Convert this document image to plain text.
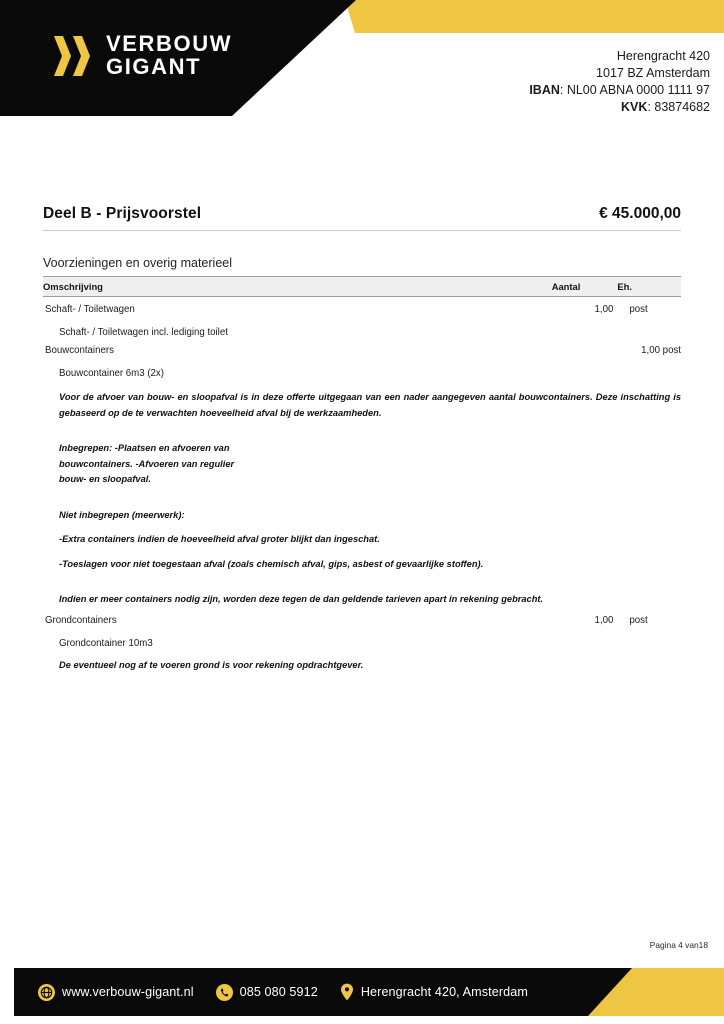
VERBOUW
GIGANT	Herengracht 420
1017 BZ Amsterdam
IBAN: NL00 ABNA 0000 1111 97
KVK: 83874682
Deel B - Prijsvoorstel	€ 45.000,00
Voorzieningen en overig materieel
Omschrijving	Aantal	Eh.
Schaft- / Toiletwagen	1,00	post
Schaft- / Toiletwagen incl. lediging toilet		
Bouwcontainers	1,00 post	
Bouwcontainer 6m3 (2x)		
Voor de afvoer van bouw- en sloopafval is in deze offerte uitgegaan van een nader aangegeven aantal bouwcontainers. Deze inschatting is gebaseerd op de te verwachten hoeveelheid afval bij de werkzaamheden.		

Inbegrepen: -Plaatsen en afvoeren van
bouwcontainers. -Afvoeren van regulier
bouw- en sloopafval.		

Niet inbegrepen (meerwerk):		
-Extra containers indien de hoeveelheid afval groter blijkt dan ingeschat.		
-Toeslagen voor niet toegestaan afval (zoals chemisch afval, gips, asbest of gevaarlijke stoffen).		
Indien er meer containers nodig zijn, worden deze tegen de dan geldende tarieven apart in rekening gebracht.		
Grondcontainers	1,00	post
Grondcontainer 10m3		
De eventueel nog af te voeren grond is voor rekening opdrachtgever.		
Pagina 4 van18
www.verbouw-gigant.nl	085 080 5912	Herengracht 420, Amsterdam
